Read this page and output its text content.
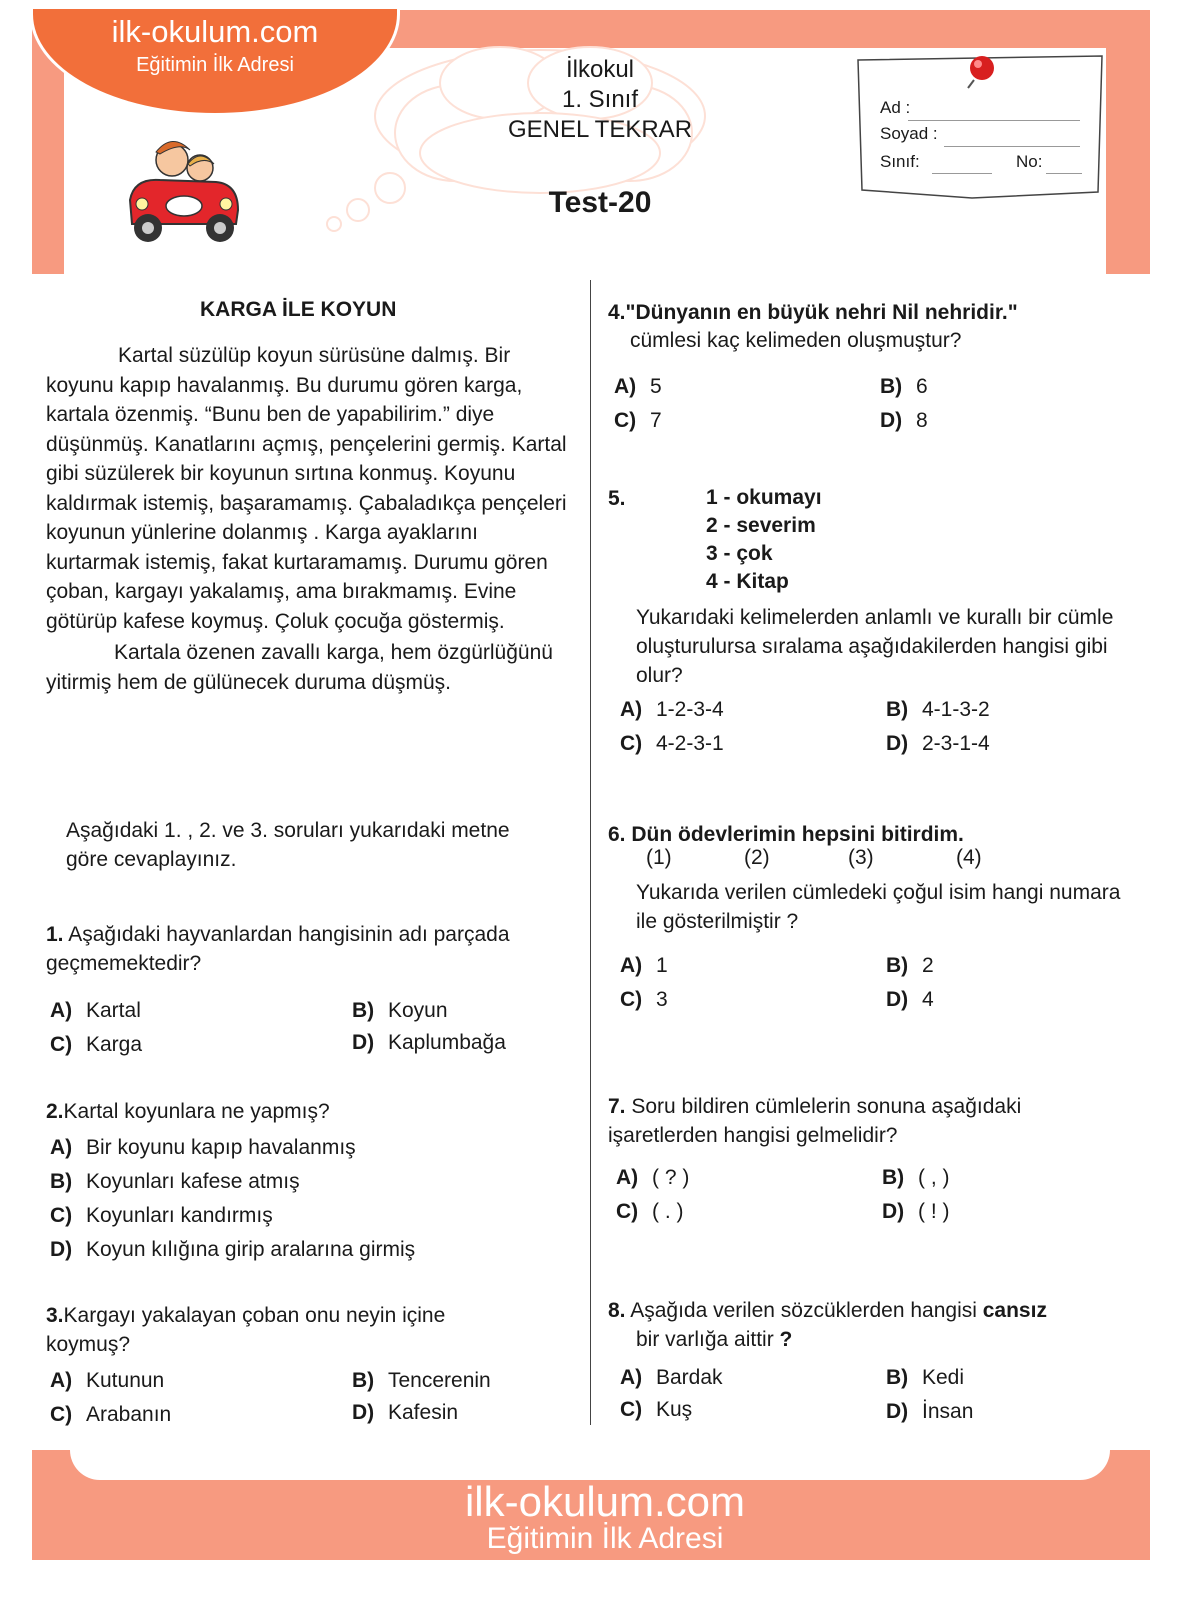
ilk-okulum.com
Eğitimin İlk Adresi	İlkokul
1. Sınıf
GENEL TEKRAR
Test-20
Ad :
Soyad :
Sınıf:	No:
KARGA İLE KOYUN

Kartal süzülüp koyun sürüsüne dalmış. Bir koyunu kapıp havalanmış. Bu durumu gören karga, kartala özenmiş. “Bunu ben de yapabilirim.” diye düşünmüş. Kanatlarını açmış, pençelerini germiş. Kartal gibi süzülerek bir koyunun sırtına konmuş. Koyunu kaldırmak istemiş, başaramamış. Çabaladıkça pençeleri koyunun yünlerine dolanmış . Karga ayaklarını kurtarmak istemiş, fakat kurtaramamış. Durumu gören çoban, kargayı yakalamış, ama bırakmamış. Evine götürüp kafese koymuş. Çoluk çocuğa göstermiş.

Kartala özenen zavallı karga, hem özgürlüğünü yitirmiş hem de gülünecek duruma düşmüş.

Aşağıdaki 1. , 2. ve 3. soruları yukarıdaki metne göre cevaplayınız.
1. Aşağıdaki hayvanlardan hangisinin adı parçada geçmemektedir?
A) Kartal	B) Koyun
C) Karga	D) Kaplumbağa
2.Kartal koyunlara ne yapmış?
A) Bir koyunu kapıp havalanmış
B) Koyunları kafese atmış
C) Koyunları kandırmış
D) Koyun kılığına girip aralarına girmiş
3.Kargayı yakalayan çoban onu neyin içine koymuş?
A) Kutunun	B) Tencerenin
C) Arabanın	D) Kafesin
4."Dünyanın en büyük nehri Nil nehridir."
cümlesi kaç kelimeden oluşmuştur?
A) 5	B) 6
C) 7	D) 8
5.	1 - okumayı
2 - severim
3 - çok
4 - Kitap
Yukarıdaki kelimelerden anlamlı ve kurallı bir cümle oluşturulursa sıralama aşağıdakilerden hangisi gibi olur?
A) 1-2-3-4	B) 4-1-3-2
C) 4-2-3-1	D) 2-3-1-4
6. Dün ödevlerimin hepsini bitirdim.
(1)	(2)	(3)	(4)
Yukarıda verilen cümledeki çoğul isim hangi numara ile gösterilmiştir ?
A) 1	B) 2
C) 3	D) 4
7. Soru bildiren cümlelerin sonuna aşağıdaki işaretlerden hangisi gelmelidir?
A) ( ? )	B) ( , )
C) ( . )	D) ( ! )
8. Aşağıda verilen sözcüklerden hangisi cansız
bir varlığa aittir ?
A) Bardak	B) Kedi
C) Kuş	D) İnsan
ilk-okulum.com
Eğitimin İlk Adresi
